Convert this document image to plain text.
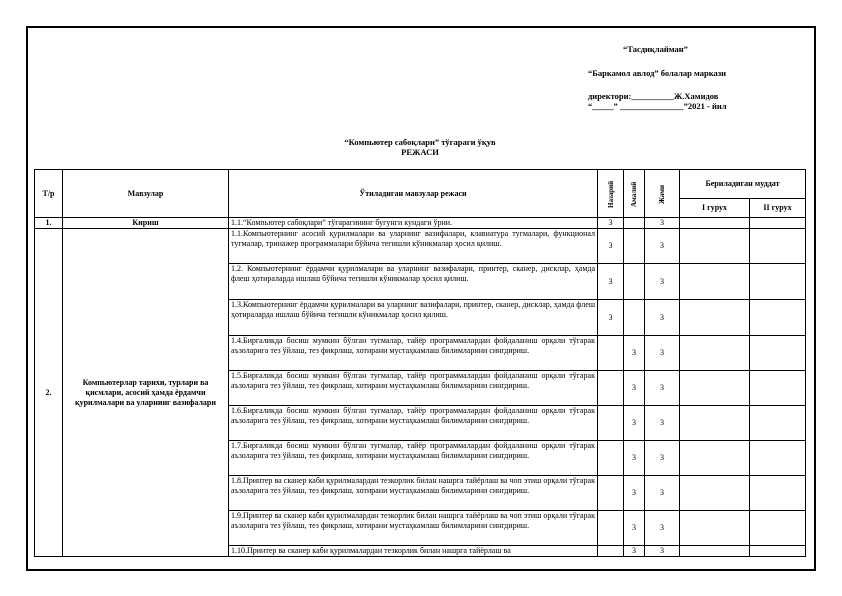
“Тасдиқлайман”
“Баркамол авлод” болалар маркази
директори:__________Ж.Хамидов
“_____” _______________”2021 - йил
“Компьютер сабоқлари” тўгараги ўқув
РЕЖАСИ
Т/р	Мавзулар	Ўтиладиган мавзулар режаси	Назарий	Амалий	Жами	Бериладиган муддат	
						I гурух	II гурух
1.	Кириш	1.1.“Компьютер сабоқлари” тўгарагининг бугунги кундаги ўрни.	3		3		
2.	Компьютерлар тарихи, турлари ва қисмлари, асосий ҳамда ёрдамчи қурилмалари ва уларнинг вазифалари	1.1.Компьютернинг асосий қурилмалари ва уларнинг вазифалари, клавиатура тугмалари, функционал тугмалар, тринажер программалари бўйича тегишли кўникмалар ҳосил қилиш.	3		3		
		1.2. Компьютернинг ёрдамчи қурилмалари ва уларнинг вазифалари, принтер, сканер, дисклар, ҳамда флеш ҳотираларда ишлаш бўйича тегишли кўникмалар ҳосил қилиш.	3		3		
		1.3.Компьютернинг ёрдамчи қурилмалари ва уларнинг вазифалари, принтер, сканер, дисклар, ҳамда флеш ҳотираларда ишлаш бўйича тегишли кўникмалар ҳосил қилиш.	3		3		
		1.4.Биргаликда босиш мумкин бўлган тугмалар, тайёр программалардан фойдаланиш орқали тўгарак аъзоларига тез ўйлаш, тез фикрлаш, хотирани мустаҳкамлаш билимларини сингдириш.		3	3		
		1.5.Биргаликда босиш мумкин бўлган тугмалар, тайёр программалардан фойдаланиш орқали тўгарак аъзоларига тез ўйлаш, тез фикрлаш, хотирани мустаҳкамлаш билимларини сингдириш.		3	3		
		1.6.Биргаликда босиш мумкин бўлган тугмалар, тайёр программалардан фойдаланиш орқали тўгарак аъзоларига тез ўйлаш, тез фикрлаш, хотирани мустаҳкамлаш билимларини сингдириш.		3	3		
		1.7.Биргаликда босиш мумкин бўлган тугмалар, тайёр программалардан фойдаланиш орқали тўгарак аъзоларига тез ўйлаш, тез фикрлаш, хотирани мустаҳкамлаш билимларини сингдириш.		3	3		
		1.8.Принтер ва сканер каби қурилмалардан тезкорлик билан нашрга тайёрлаш ва чоп этиш орқали тўгарак аъзоларига тез ўйлаш, тез фикрлаш, хотирани мустаҳкамлаш билимларини сингдириш.		3	3		
		1.9.Принтер ва сканер каби қурилмалардан тезкорлик билан нашрга тайёрлаш ва чоп этиш орқали тўгарак аъзоларига тез ўйлаш, тез фикрлаш, хотирани мустаҳкамлаш билимларини сингдириш.		3	3		
		1.10.Принтер ва сканер каби қурилмалардан тезкорлик билан нашрга тайёрлаш ва		3	3		
